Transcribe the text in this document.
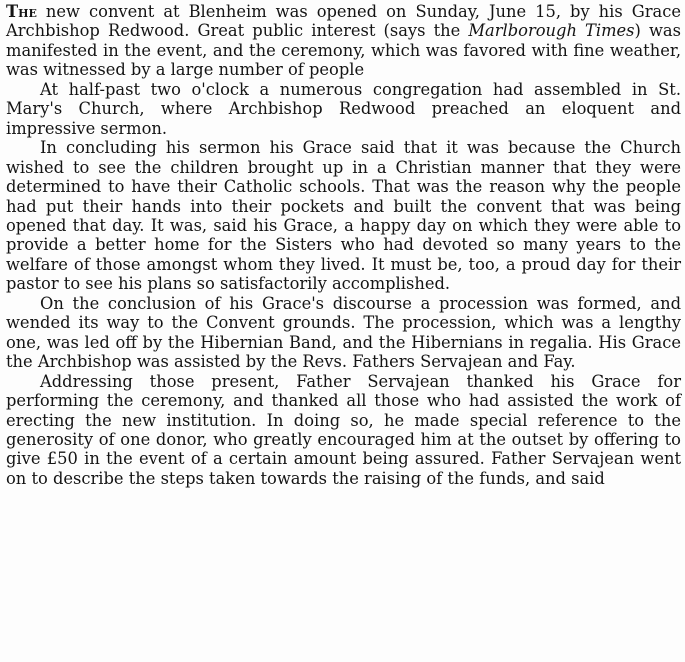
The new convent at Blenheim was opened on Sunday, June 15, by his Grace Archbishop Redwood. Great public interest (says the Marlborough Times) was manifested in the event, and the ceremony, which was favored with fine weather, was witnessed by a large number of people

At half-past two o'clock a numerous congregation had assembled in St. Mary's Church, where Archbishop Redwood preached an eloquent and impressive sermon.

In concluding his sermon his Grace said that it was because the Church wished to see the children brought up in a Christian manner that they were determined to have their Catholic schools. That was the reason why the people had put their hands into their pockets and built the convent that was being opened that day. It was, said his Grace, a happy day on which they were able to provide a better home for the Sisters who had devoted so many years to the welfare of those amongst whom they lived. It must be, too, a proud day for their pastor to see his plans so satisfactorily accomplished.

On the conclusion of his Grace's discourse a procession was formed, and wended its way to the Convent grounds. The procession, which was a lengthy one, was led off by the Hibernian Band, and the Hibernians in regalia. His Grace the Archbishop was assisted by the Revs. Fathers Servajean and Fay.

Addressing those present, Father Servajean thanked his Grace for performing the ceremony, and thanked all those who had assisted the work of erecting the new institution. In doing so, he made special reference to the generosity of one donor, who greatly encouraged him at the outset by offering to give £50 in the event of a certain amount being assured. Father Servajean went on to describe the steps taken towards the raising of the funds, and said
